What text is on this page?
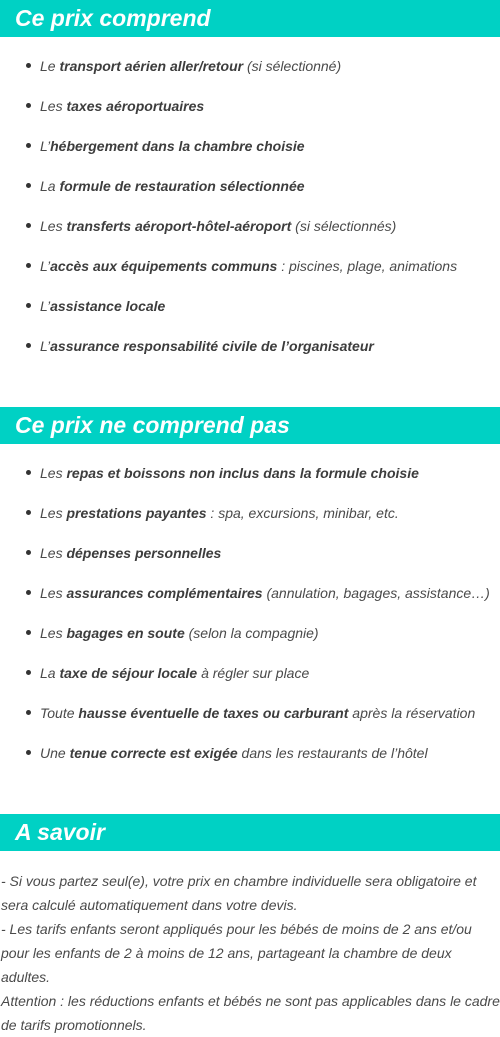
Ce prix comprend
Le transport aérien aller/retour (si sélectionné)
Les taxes aéroportuaires
L’hébergement dans la chambre choisie
La formule de restauration sélectionnée
Les transferts aéroport-hôtel-aéroport (si sélectionnés)
L’accès aux équipements communs : piscines, plage, animations
L’assistance locale
L’assurance responsabilité civile de l’organisateur
Ce prix ne comprend pas
Les repas et boissons non inclus dans la formule choisie
Les prestations payantes : spa, excursions, minibar, etc.
Les dépenses personnelles
Les assurances complémentaires (annulation, bagages, assistance…)
Les bagages en soute (selon la compagnie)
La taxe de séjour locale à régler sur place
Toute hausse éventuelle de taxes ou carburant après la réservation
Une tenue correcte est exigée dans les restaurants de l’hôtel
A savoir

- Si vous partez seul(e), votre prix en chambre individuelle sera obligatoire et sera calculé automatiquement dans votre devis.

- Les tarifs enfants seront appliqués pour les bébés de moins de 2 ans et/ou pour les enfants de 2 à moins de 12 ans, partageant la chambre de deux adultes.

Attention : les réductions enfants et bébés ne sont pas applicables dans le cadre de tarifs promotionnels.
